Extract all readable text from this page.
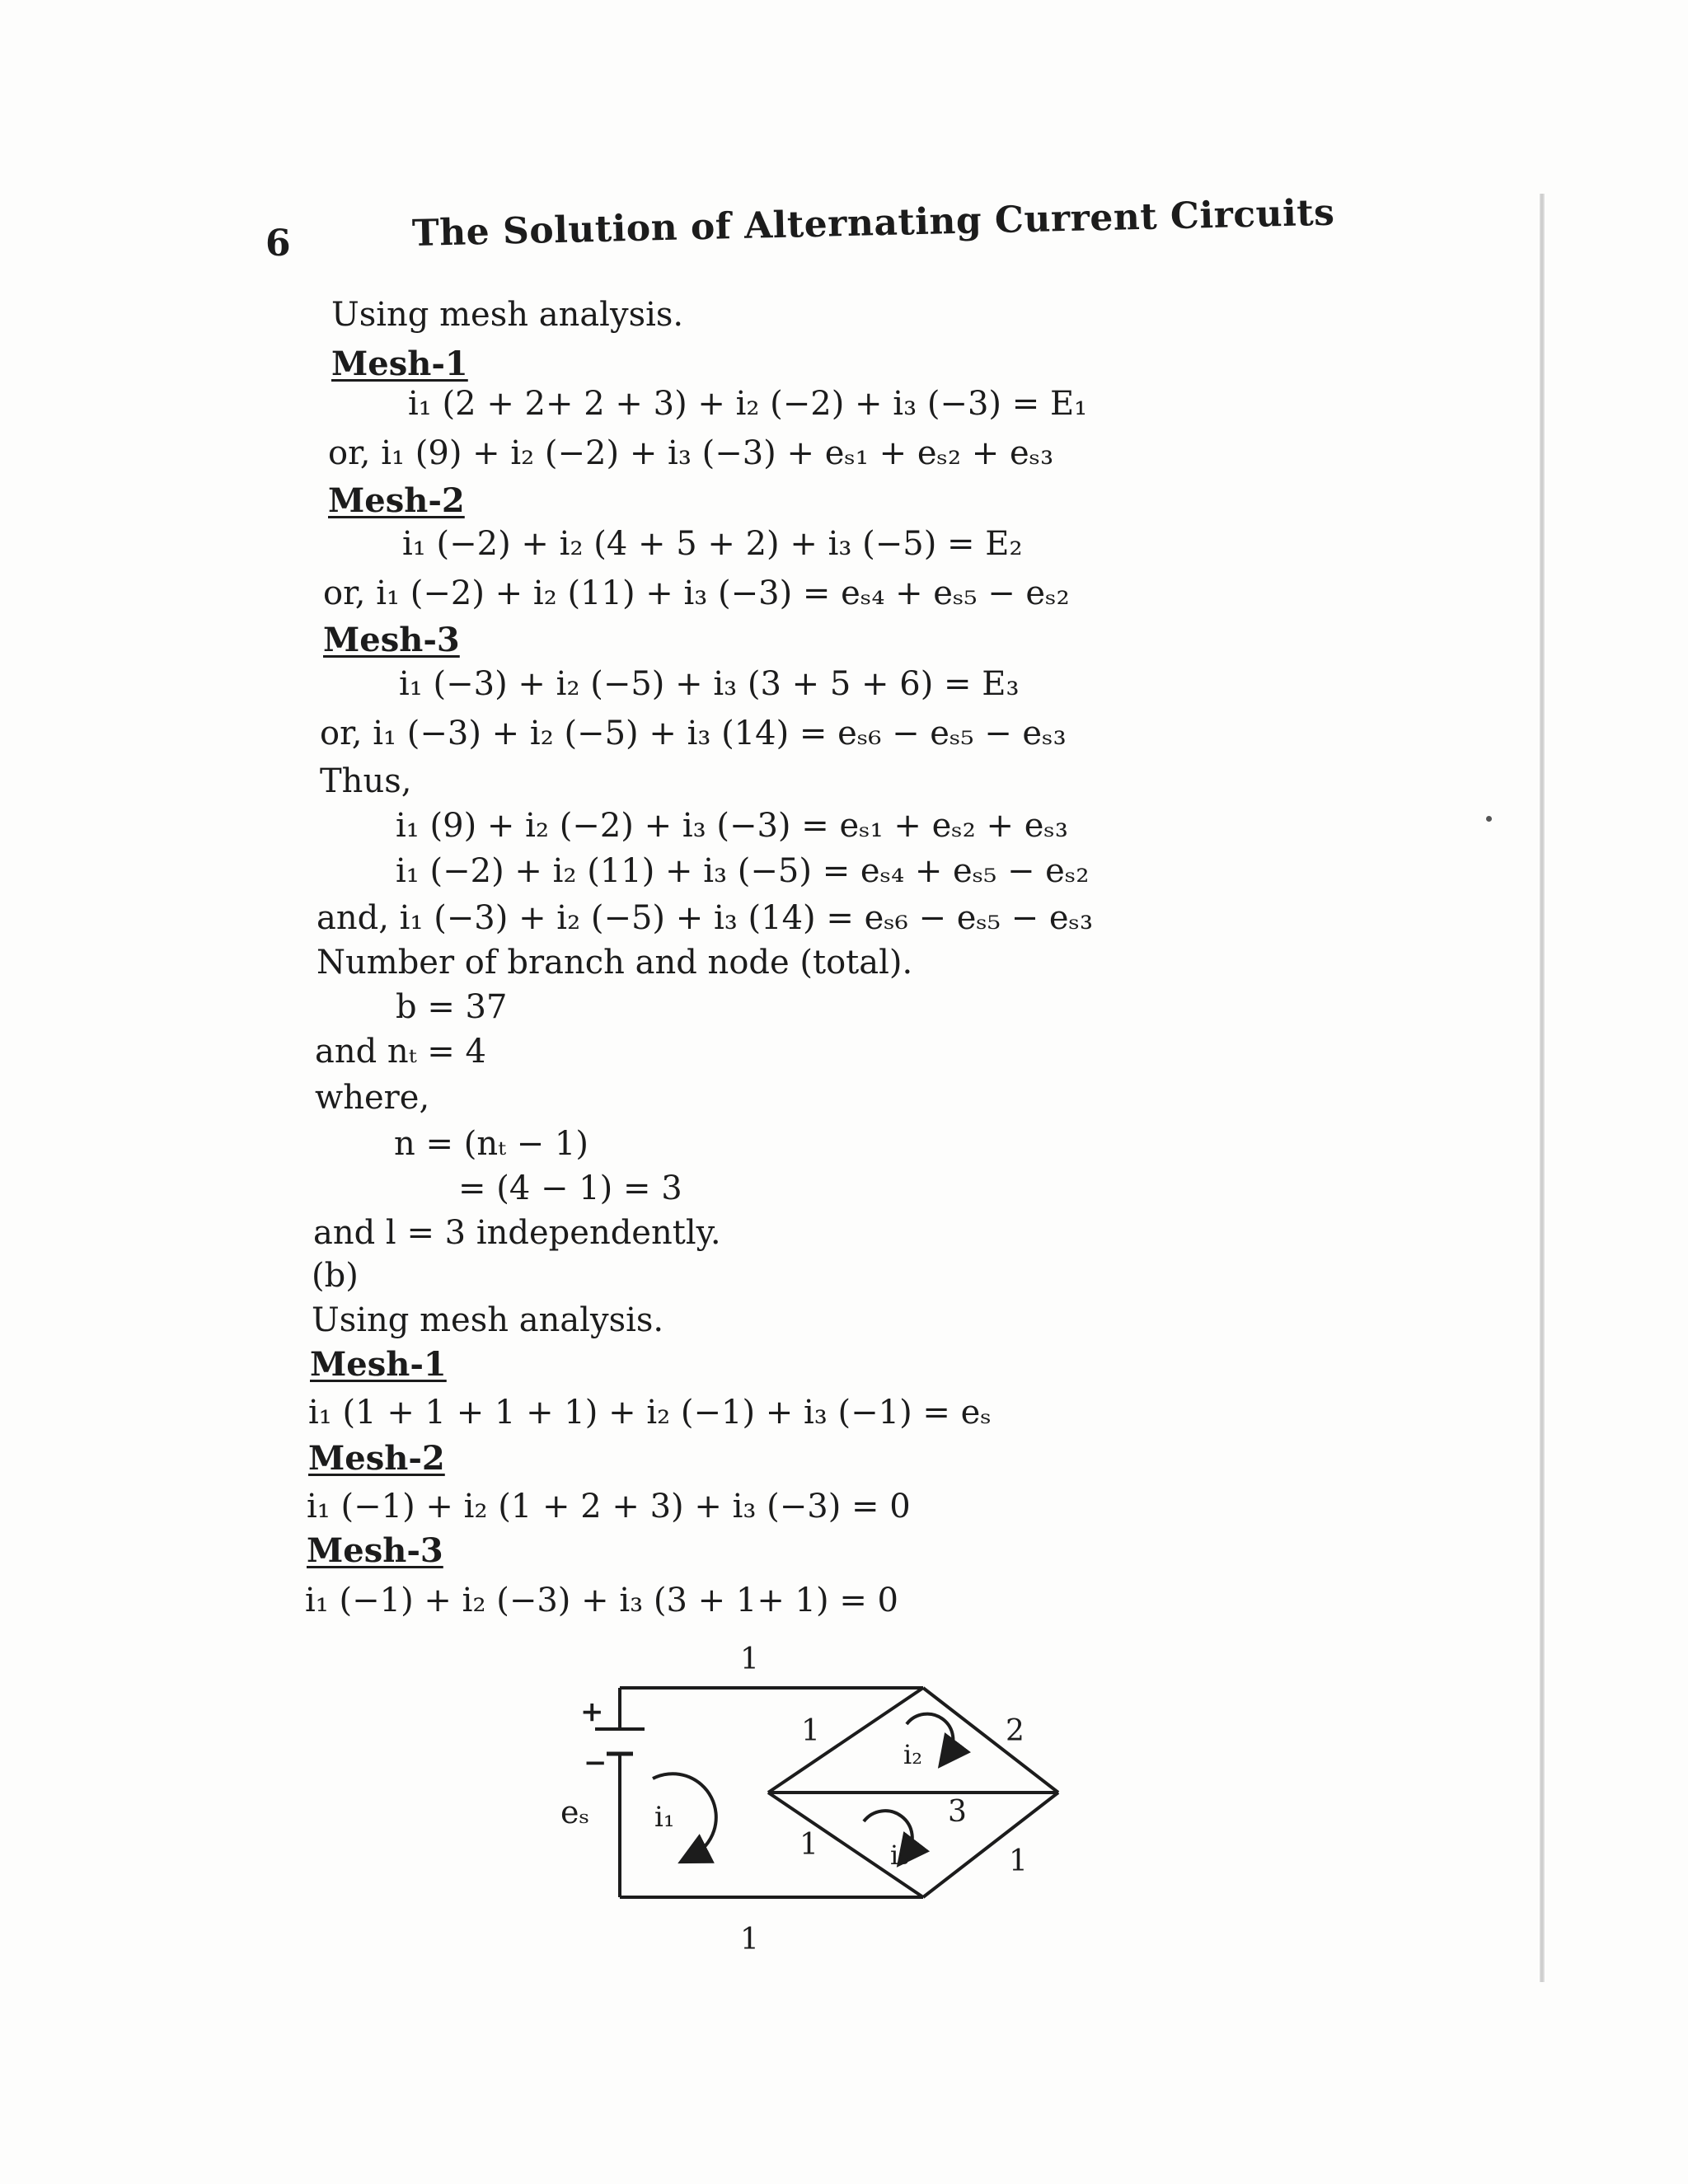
6	The Solution of Alternating Current Circuits
Using mesh analysis.
Mesh-1
i₁ (2 + 2+ 2 + 3) + i₂ (−2) + i₃ (−3) = E₁
or, i₁ (9) + i₂ (−2) + i₃ (−3) + eₛ₁ + eₛ₂ + eₛ₃
Mesh-2
i₁ (−2) + i₂ (4 + 5 + 2) + i₃ (−5) = E₂
or, i₁ (−2) + i₂ (11) + i₃ (−3) = eₛ₄ + eₛ₅ − eₛ₂
Mesh-3
i₁ (−3) + i₂ (−5) + i₃ (3 + 5 + 6) = E₃
or, i₁ (−3) + i₂ (−5) + i₃ (14) = eₛ₆ − eₛ₅ − eₛ₃
Thus,
i₁ (9) + i₂ (−2) + i₃ (−3) = eₛ₁ + eₛ₂ + eₛ₃
i₁ (−2) + i₂ (11) + i₃ (−5) = eₛ₄ + eₛ₅ − eₛ₂
and, i₁ (−3) + i₂ (−5) + i₃ (14) = eₛ₆ − eₛ₅ − eₛ₃
Number of branch and node (total).
b = 37
and nₜ = 4
where,
n = (nₜ − 1)
= (4 − 1) = 3
and l = 3 independently.
(b)
Using mesh analysis.
Mesh-1
i₁ (1 + 1 + 1 + 1) + i₂ (−1) + i₃ (−1) = eₛ
Mesh-2
i₁ (−1) + i₂ (1 + 2 + 3) + i₃ (−3) = 0
Mesh-3
i₁ (−1) + i₂ (−3) + i₃ (3 + 1+ 1) = 0
1
1
+
−
eₛ
1	2
3
1	1
i₁
i₂
i₃
